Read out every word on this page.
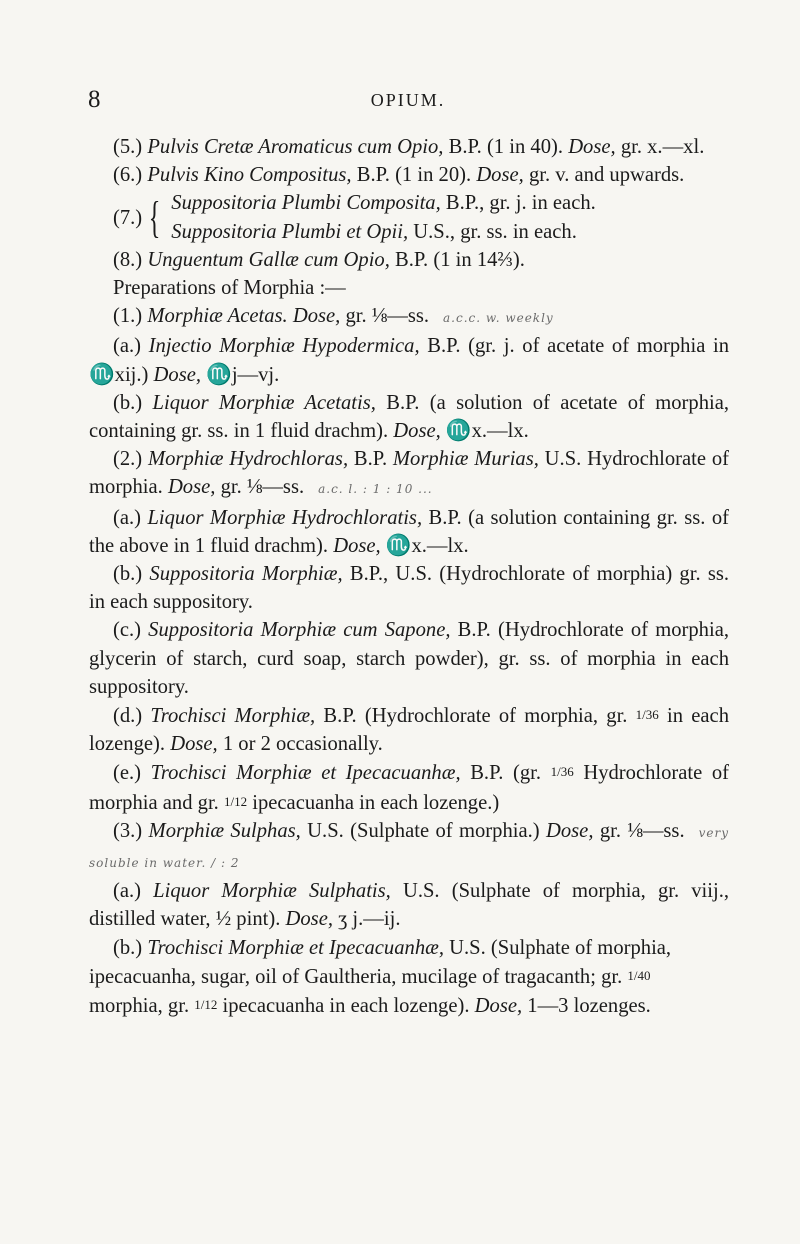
8	OPIUM.

(5.) Pulvis Cretæ Aromaticus cum Opio, B.P. (1 in 40). Dose, gr. x.—xl.

(6.) Pulvis Kino Compositus, B.P. (1 in 20). Dose, gr. v. and upwards.

(7.) { Suppositoria Plumbi Composita, B.P., gr. j. in each.

Suppositoria Plumbi et Opii, U.S., gr. ss. in each.

(8.) Unguentum Gallæ cum Opio, B.P. (1 in 14⅔).

Preparations of Morphia :—

(1.) Morphiæ Acetas. Dose, gr. ⅛—ss. a.c.c. w. weekly

(a.) Injectio Morphiæ Hypodermica, B.P. (gr. j. of acetate of morphia in ♏xij.) Dose, ♏j—vj.

(b.) Liquor Morphiæ Acetatis, B.P. (a solution of acetate of morphia, containing gr. ss. in 1 fluid drachm). Dose, ♏x.—lx.

(2.) Morphiæ Hydrochloras, B.P. Morphiæ Murias, U.S. Hydrochlorate of morphia. Dose, gr. ⅛—ss. a.c. l. : 1 : 10 ...

(a.) Liquor Morphiæ Hydrochloratis, B.P. (a solution containing gr. ss. of the above in 1 fluid drachm). Dose, ♏x.—lx.

(b.) Suppositoria Morphiæ, B.P., U.S. (Hydrochlorate of morphia) gr. ss. in each suppository.

(c.) Suppositoria Morphiæ cum Sapone, B.P. (Hydrochlorate of morphia, glycerin of starch, curd soap, starch powder), gr. ss. of morphia in each suppository.

(d.) Trochisci Morphiæ, B.P. (Hydrochlorate of morphia, gr. 1/36 in each lozenge). Dose, 1 or 2 occasionally.

(e.) Trochisci Morphiæ et Ipecacuanhæ, B.P. (gr. 1/36 Hydrochlorate of morphia and gr. 1/12 ipecacuanha in each lozenge.)

(3.) Morphiæ Sulphas, U.S. (Sulphate of morphia.) Dose, gr. ⅛—ss. very soluble in water. / : 2

(a.) Liquor Morphiæ Sulphatis, U.S. (Sulphate of morphia, gr. viij., distilled water, ½ pint). Dose, ʒ j.—ij.

(b.) Trochisci Morphiæ et Ipecacuanhæ, U.S. (Sulphate of morphia, ipecacuanha, sugar, oil of Gaultheria, mucilage of tragacanth; gr. 1/40 morphia, gr. 1/12 ipecacuanha in each lozenge). Dose, 1—3 lozenges.
